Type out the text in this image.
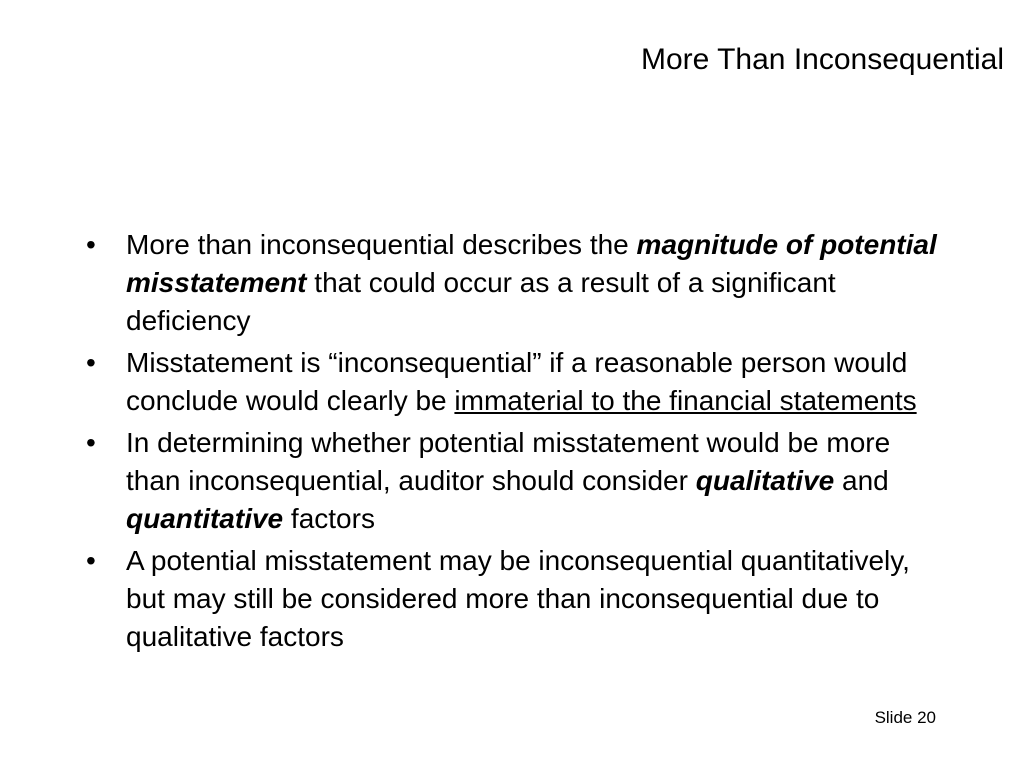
More Than Inconsequential
• More than inconsequential describes the magnitude of potential misstatement that could occur as a result of a significant deficiency
• Misstatement is “inconsequential” if a reasonable person would conclude would clearly be immaterial to the financial statements
• In determining whether potential misstatement would be more than inconsequential, auditor should consider qualitative and quantitative factors
• A potential misstatement may be inconsequential quantitatively, but may still be considered more than inconsequential due to qualitative factors
Slide 20
